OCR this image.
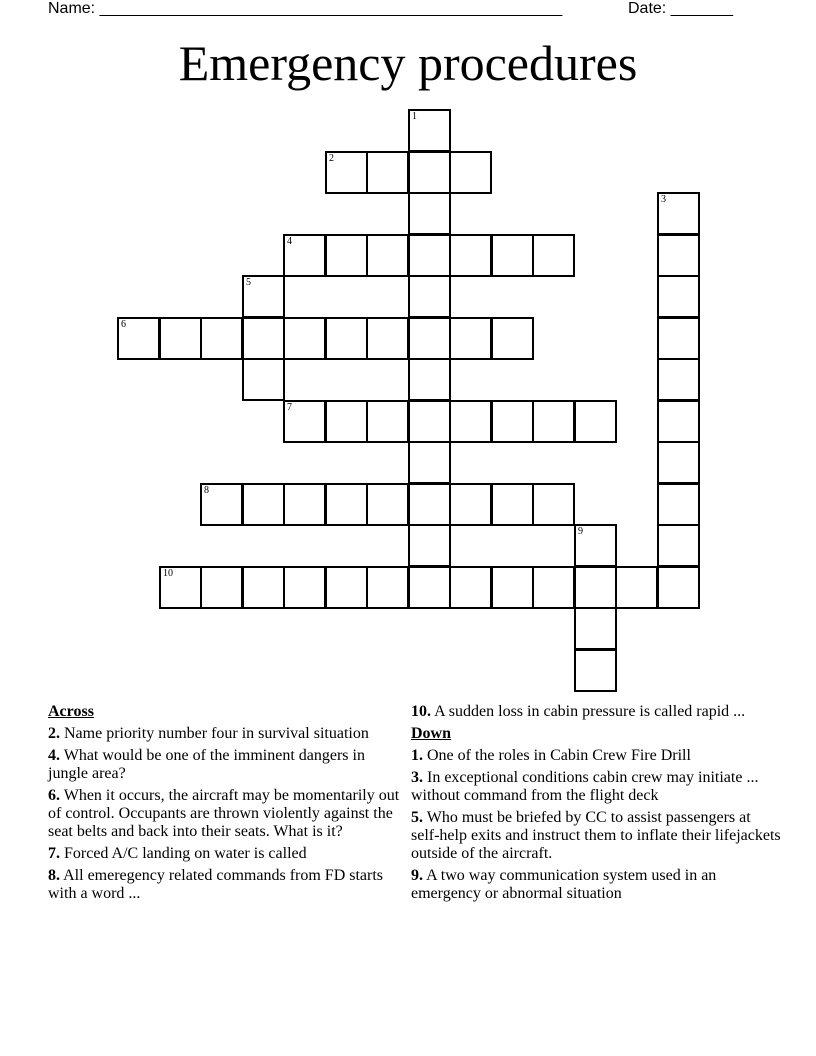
Name: ____________________________________________________	Date: _______
Emergency procedures
1
2
3
4
5
6
7
8
9
10
Across
2. Name priority number four in survival situation
4. What would be one of the imminent dangers in jungle area?
6. When it occurs, the aircraft may be momentarily out of control. Occupants are thrown violently against the seat belts and back into their seats. What is it?
7. Forced A/C landing on water is called
8. All emeregency related commands from FD starts with a word ...
10. A sudden loss in cabin pressure is called rapid ...
Down
1. One of the roles in Cabin Crew Fire Drill
3. In exceptional conditions cabin crew may initiate ... without command from the flight deck
5. Who must be briefed by CC to assist passengers at self-help exits and instruct them to inflate their lifejackets outside of the aircraft.
9. A two way communication system used in an emergency or abnormal situation
